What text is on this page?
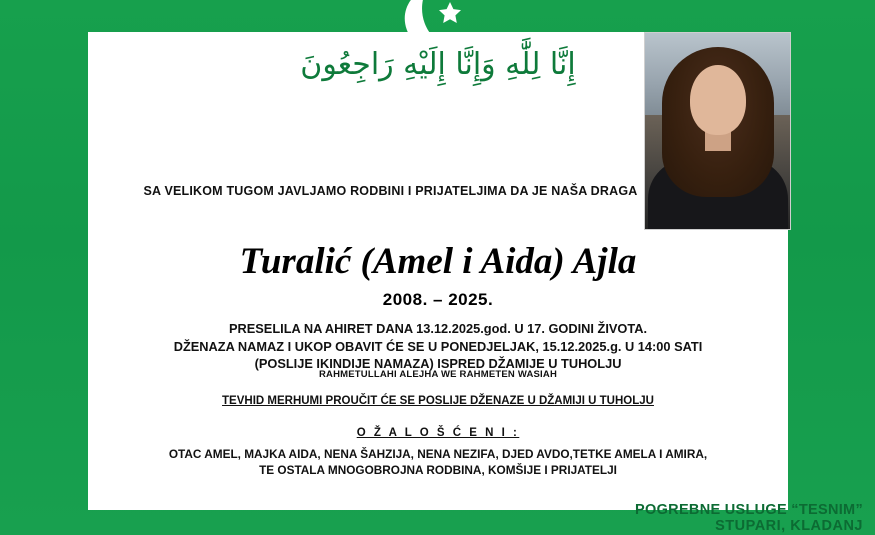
إِنَّا لِلَّٰهِ وَإِنَّا إِلَيْهِ رَاجِعُونَ
SA VELIKOM TUGOM JAVLJAMO RODBINI I PRIJATELJIMA DA JE NAŠA DRAGA
Turalić (Amel i Aida) Ajla
2008. – 2025.
PRESELILA NA AHIRET DANA 13.12.2025.god. U 17. GODINI ŽIVOTA.
DŽENAZA NAMAZ I UKOP OBAVIT ĆE SE U PONEDJELJAK, 15.12.2025.g. U 14:00 SATI
(POSLIJE IKINDIJE NAMAZA) ISPRED DŽAMIJE U TUHOLJU
RAHMETULLAHI ALEJHA WE RAHMETEN WASIAH
TEVHID MERHUMI PROUČIT ĆE SE POSLIJE DŽENAZE U DŽAMIJI U TUHOLJU
O Ž A L O Š Ć E N I :
OTAC AMEL, MAJKA AIDA, NENA ŠAHZIJA, NENA NEZIFA, DJED AVDO,TETKE AMELA I AMIRA,
TE OSTALA MNOGOBROJNA RODBINA, KOMŠIJE I PRIJATELJI
POGREBNE USLUGE “TESNIM”
STUPARI, KLADANJ
